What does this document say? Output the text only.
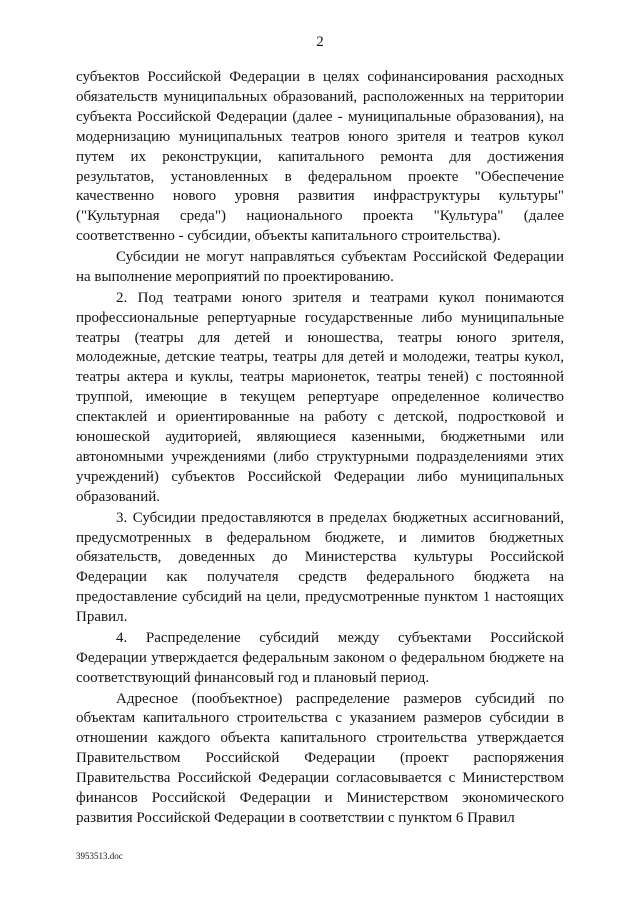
2

субъектов Российской Федерации в целях софинансирования расходных обязательств муниципальных образований, расположенных на территории субъекта Российской Федерации (далее - муниципальные образования), на модернизацию муниципальных театров юного зрителя и театров кукол путем их реконструкции, капитального ремонта для достижения результатов, установленных в федеральном проекте "Обеспечение качественно нового уровня развития инфраструктуры культуры" ("Культурная среда") национального проекта "Культура" (далее соответственно - субсидии, объекты капитального строительства).

Субсидии не могут направляться субъектам Российской Федерации на выполнение мероприятий по проектированию.

2. Под театрами юного зрителя и театрами кукол понимаются профессиональные репертуарные государственные либо муниципальные театры (театры для детей и юношества, театры юного зрителя, молодежные, детские театры, театры для детей и молодежи, театры кукол, театры актера и куклы, театры марионеток, театры теней) с постоянной труппой, имеющие в текущем репертуаре определенное количество спектаклей и ориентированные на работу с детской, подростковой и юношеской аудиторией, являющиеся казенными, бюджетными или автономными учреждениями (либо структурными подразделениями этих учреждений) субъектов Российской Федерации либо муниципальных образований.

3. Субсидии предоставляются в пределах бюджетных ассигнований, предусмотренных в федеральном бюджете, и лимитов бюджетных обязательств, доведенных до Министерства культуры Российской Федерации как получателя средств федерального бюджета на предоставление субсидий на цели, предусмотренные пунктом 1 настоящих Правил.

4. Распределение субсидий между субъектами Российской Федерации утверждается федеральным законом о федеральном бюджете на соответствующий финансовый год и плановый период.

Адресное (пообъектное) распределение размеров субсидий по объектам капитального строительства с указанием размеров субсидии в отношении каждого объекта капитального строительства утверждается Правительством Российской Федерации (проект распоряжения Правительства Российской Федерации согласовывается с Министерством финансов Российской Федерации и Министерством экономического развития Российской Федерации в соответствии с пунктом 6 Правил

3953513.doc
